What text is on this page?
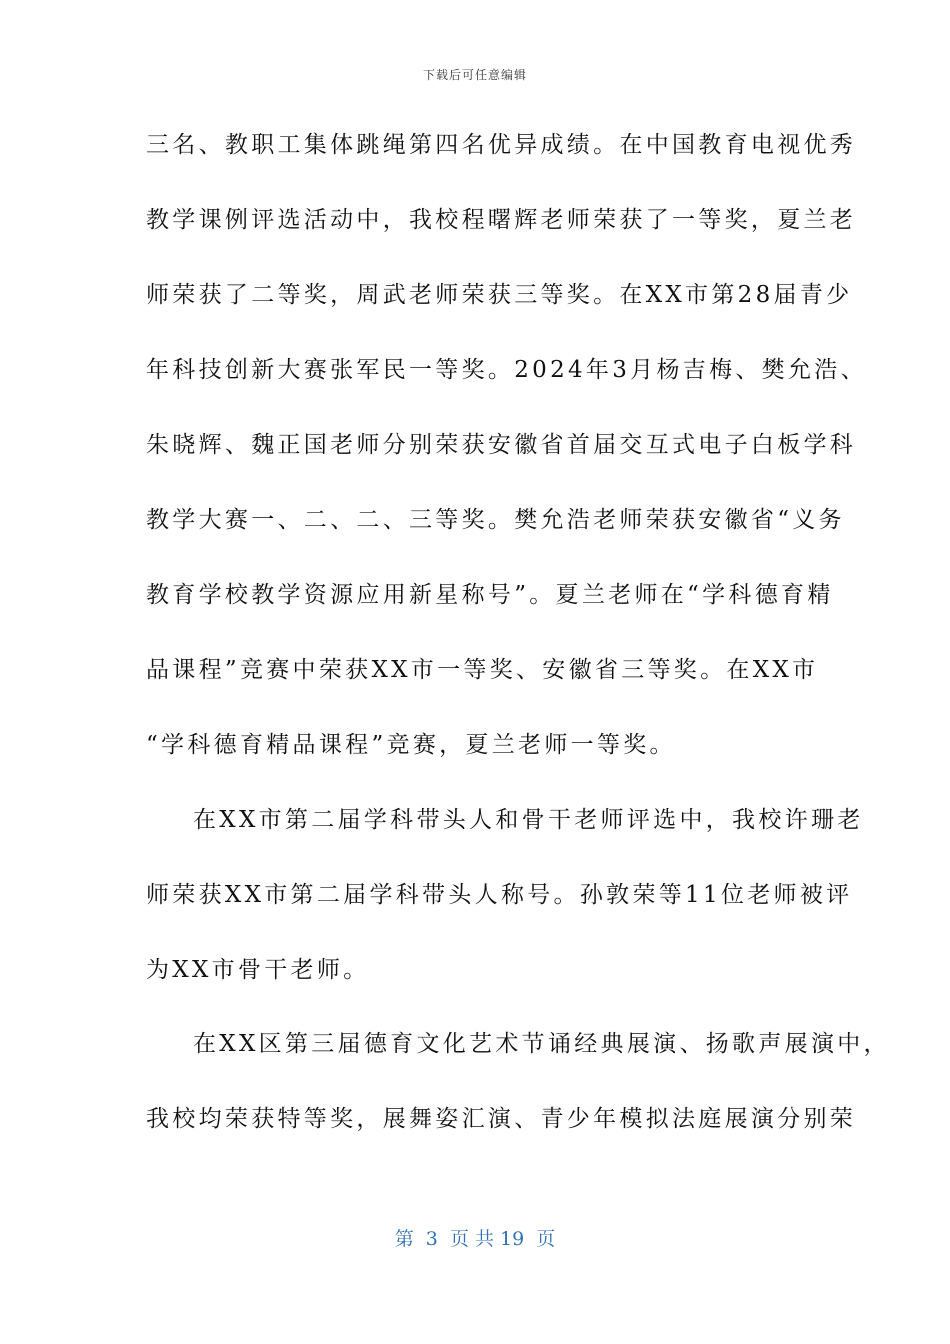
下载后可任意编辑
三名、教职工集体跳绳第四名优异成绩。在中国教育电视优秀
教学课例评选活动中，我校程曙辉老师荣获了一等奖，夏兰老
师荣获了二等奖，周武老师荣获三等奖。在XX市第28届青少
年科技创新大赛张军民一等奖。2024年3月杨吉梅、樊允浩、
朱晓辉、魏正国老师分别荣获安徽省首届交互式电子白板学科
教学大赛一、二、二、三等奖。樊允浩老师荣获安徽省“义务
教育学校教学资源应用新星称号”。夏兰老师在“学科德育精
品课程”竞赛中荣获XX市一等奖、安徽省三等奖。在XX市
“学科德育精品课程”竞赛，夏兰老师一等奖。
在XX市第二届学科带头人和骨干老师评选中，我校许珊老
师荣获XX市第二届学科带头人称号。孙敦荣等11位老师被评
为XX市骨干老师。
在XX区第三届德育文化艺术节诵经典展演、扬歌声展演中，
我校均荣获特等奖，展舞姿汇演、青少年模拟法庭展演分别荣
第  3  页 共 19  页
